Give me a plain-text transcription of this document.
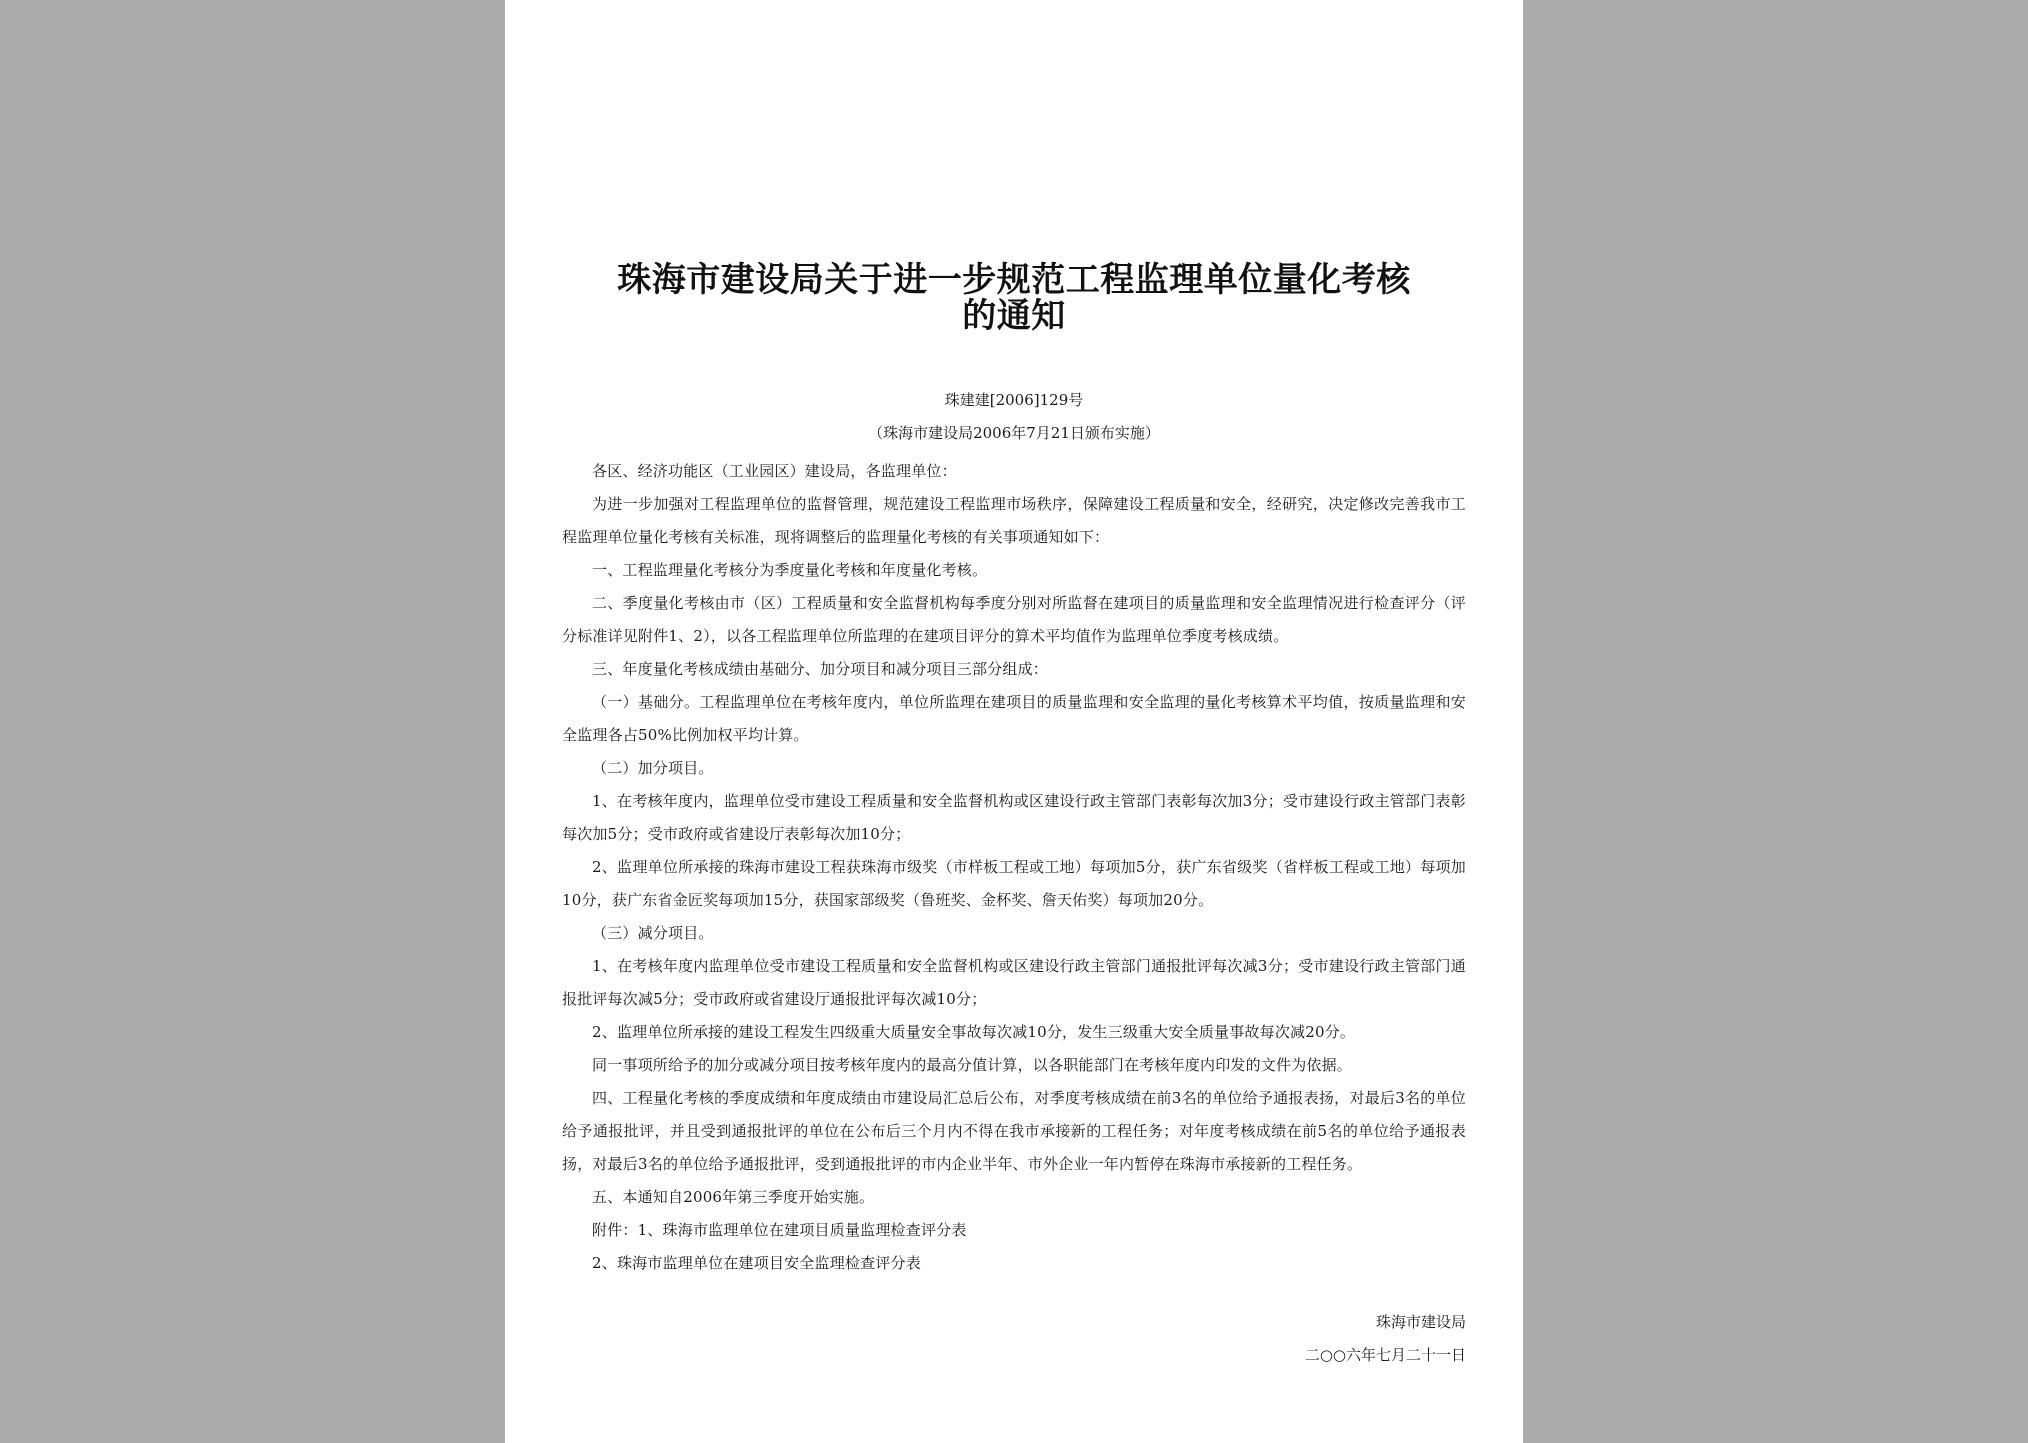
珠海市建设局关于进一步规范工程监理单位量化考核
的通知
珠建建[2006]129号
（珠海市建设局2006年7月21日颁布实施）

各区、经济功能区（工业园区）建设局，各监理单位：

为进一步加强对工程监理单位的监督管理，规范建设工程监理市场秩序，保障建设工程质量和安全，经研究，决定修改完善我市工程监理单位量化考核有关标准，现将调整后的监理量化考核的有关事项通知如下：

一、工程监理量化考核分为季度量化考核和年度量化考核。

二、季度量化考核由市（区）工程质量和安全监督机构每季度分别对所监督在建项目的质量监理和安全监理情况进行检查评分（评分标准详见附件1、2），以各工程监理单位所监理的在建项目评分的算术平均值作为监理单位季度考核成绩。

三、年度量化考核成绩由基础分、加分项目和减分项目三部分组成：

（一）基础分。工程监理单位在考核年度内，单位所监理在建项目的质量监理和安全监理的量化考核算术平均值，按质量监理和安全监理各占50%比例加权平均计算。

（二）加分项目。

1、在考核年度内，监理单位受市建设工程质量和安全监督机构或区建设行政主管部门表彰每次加3分；受市建设行政主管部门表彰每次加5分；受市政府或省建设厅表彰每次加10分；

2、监理单位所承接的珠海市建设工程获珠海市级奖（市样板工程或工地）每项加5分，获广东省级奖（省样板工程或工地）每项加10分，获广东省金匠奖每项加15分，获国家部级奖（鲁班奖、金杯奖、詹天佑奖）每项加20分。

（三）减分项目。

1、在考核年度内监理单位受市建设工程质量和安全监督机构或区建设行政主管部门通报批评每次减3分；受市建设行政主管部门通报批评每次减5分；受市政府或省建设厅通报批评每次减10分；

2、监理单位所承接的建设工程发生四级重大质量安全事故每次减10分，发生三级重大安全质量事故每次减20分。

同一事项所给予的加分或减分项目按考核年度内的最高分值计算，以各职能部门在考核年度内印发的文件为依据。

四、工程量化考核的季度成绩和年度成绩由市建设局汇总后公布，对季度考核成绩在前3名的单位给予通报表扬，对最后3名的单位给予通报批评，并且受到通报批评的单位在公布后三个月内不得在我市承接新的工程任务；对年度考核成绩在前5名的单位给予通报表扬，对最后3名的单位给予通报批评，受到通报批评的市内企业半年、市外企业一年内暂停在珠海市承接新的工程任务。

五、本通知自2006年第三季度开始实施。

附件：1、珠海市监理单位在建项目质量监理检查评分表

2、珠海市监理单位在建项目安全监理检查评分表

珠海市建设局
二○○六年七月二十一日
